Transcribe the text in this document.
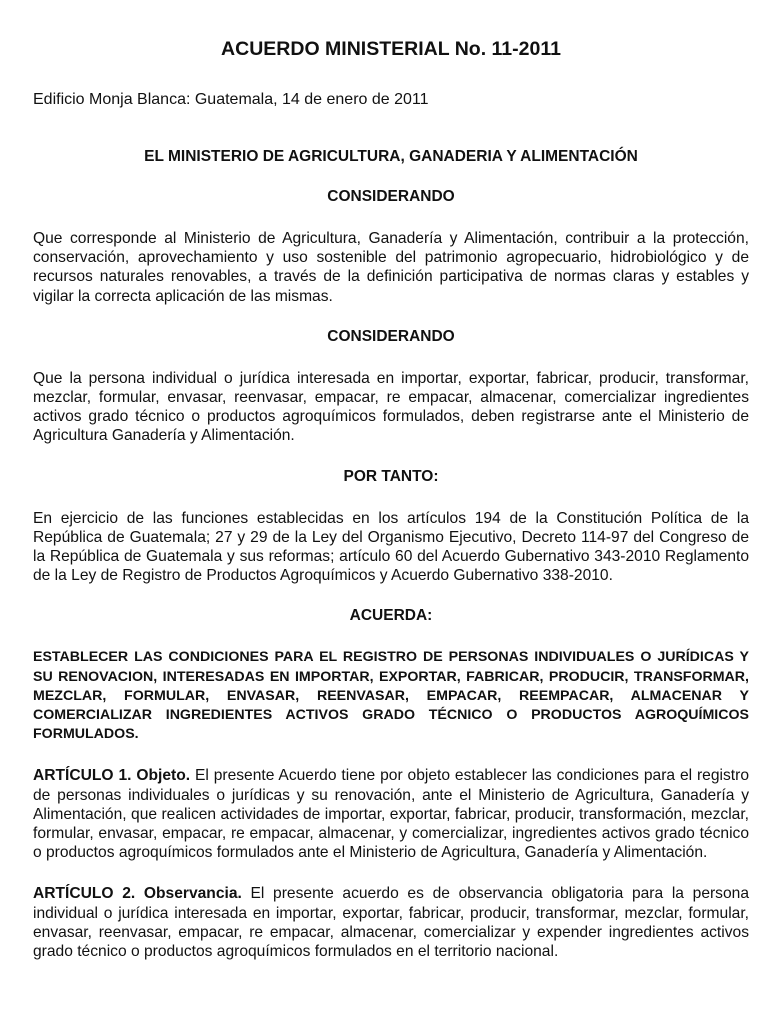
ACUERDO MINISTERIAL No. 11-2011
Edificio Monja Blanca: Guatemala, 14 de enero de 2011
EL MINISTERIO DE AGRICULTURA, GANADERIA Y ALIMENTACIÓN
CONSIDERANDO

Que corresponde al Ministerio de Agricultura, Ganadería y Alimentación, contribuir a la protección, conservación, aprovechamiento y uso sostenible del patrimonio agropecuario, hidrobiológico y de recursos naturales renovables, a través de la definición participativa de normas claras y estables y vigilar la correcta aplicación de las mismas.

CONSIDERANDO

Que la persona individual o jurídica interesada en importar, exportar, fabricar, producir, transformar, mezclar, formular, envasar, reenvasar, empacar, re empacar, almacenar, comercializar ingredientes activos grado técnico o productos agroquímicos formulados, deben registrarse ante el Ministerio de Agricultura Ganadería y Alimentación.

POR TANTO:

En ejercicio de las funciones establecidas en los artículos 194 de la Constitución Política de la República de Guatemala; 27 y 29 de la Ley del Organismo Ejecutivo, Decreto 114-97 del Congreso de la República de Guatemala y sus reformas; artículo 60 del Acuerdo Gubernativo 343-2010 Reglamento de la Ley de Registro de Productos Agroquímicos y Acuerdo Gubernativo 338-2010.

ACUERDA:

ESTABLECER LAS CONDICIONES PARA EL REGISTRO DE PERSONAS INDIVIDUALES O JURÍDICAS Y SU RENOVACION, INTERESADAS EN IMPORTAR, EXPORTAR, FABRICAR, PRODUCIR, TRANSFORMAR, MEZCLAR, FORMULAR, ENVASAR, REENVASAR, EMPACAR, REEMPACAR, ALMACENAR Y COMERCIALIZAR INGREDIENTES ACTIVOS GRADO TÉCNICO O PRODUCTOS AGROQUÍMICOS FORMULADOS.

ARTÍCULO 1. Objeto. El presente Acuerdo tiene por objeto establecer las condiciones para el registro de personas individuales o jurídicas y su renovación, ante el Ministerio de Agricultura, Ganadería y Alimentación, que realicen actividades de importar, exportar, fabricar, producir, transformación, mezclar, formular, envasar, empacar, re empacar, almacenar, y comercializar, ingredientes activos grado técnico o productos agroquímicos formulados ante el Ministerio de Agricultura, Ganadería y Alimentación.

ARTÍCULO 2. Observancia. El presente acuerdo es de observancia obligatoria para la persona individual o jurídica interesada en importar, exportar, fabricar, producir, transformar, mezclar, formular, envasar, reenvasar, empacar, re empacar, almacenar, comercializar y expender ingredientes activos grado técnico o productos agroquímicos formulados en el territorio nacional.
